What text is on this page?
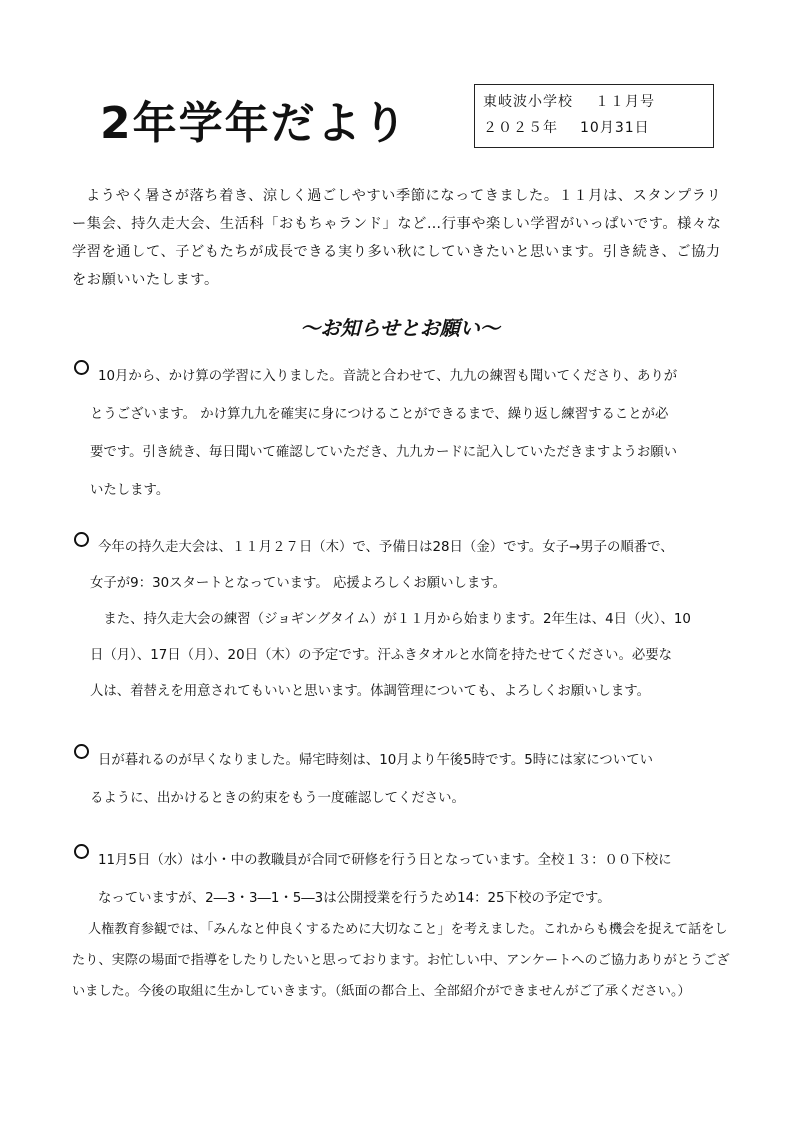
2年学年だより	東岐波小学校 １１月号
２０２５年 10月31日

ようやく暑さが落ち着き、涼しく過ごしやすい季節になってきました。１１月は、スタンプラリー集会、持久走大会、生活科「おもちゃランド」など…行事や楽しい学習がいっぱいです。様々な学習を通して、子どもたちが成長できる実り多い秋にしていきたいと思います。引き続き、ご協力をお願いいたします。

～お知らせとお願い～

10月から、かけ算の学習に入りました。音読と合わせて、九九の練習も聞いてくださり、ありが

とうございます。 かけ算九九を確実に身につけることができるまで、繰り返し練習することが必

要です。引き続き、毎日聞いて確認していただき、九九カードに記入していただきますようお願い

いたします。

今年の持久走大会は、１１月２７日（木）で、予備日は28日（金）です。女子→男子の順番で、

女子が9：30スタートとなっています。 応援よろしくお願いします。

　また、持久走大会の練習（ジョギングタイム）が１１月から始まります。2年生は、4日（火）、10

日（月）、17日（月）、20日（木）の予定です。汗ふきタオルと水筒を持たせてください。必要な

人は、着替えを用意されてもいいと思います。体調管理についても、よろしくお願いします。

日が暮れるのが早くなりました。帰宅時刻は、10月より午後5時です。5時には家についてい

るように、出かけるときの約束をもう一度確認してください。

11月5日（水）は小・中の教職員が合同で研修を行う日となっています。全校１３：００下校に

なっていますが、2―3・3―1・5―3は公開授業を行うため14：25下校の予定です。

人権教育参観では、「みんなと仲良くするために大切なこと」を考えました。これからも機会を捉えて話をしたり、実際の場面で指導をしたりしたいと思っております。お忙しい中、アンケートへのご協力ありがとうございました。今後の取組に生かしていきます。（紙面の都合上、全部紹介ができませんがご了承ください。）
